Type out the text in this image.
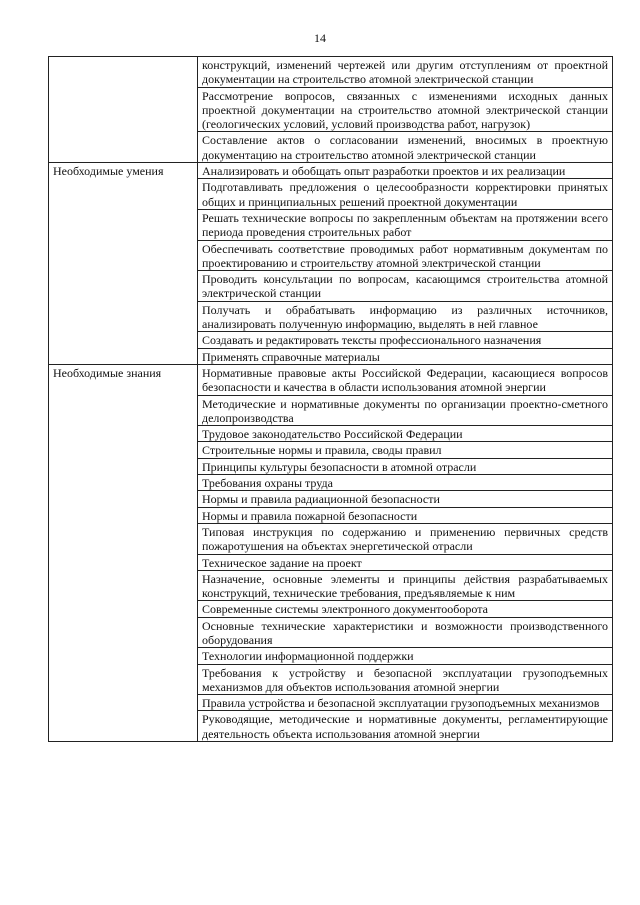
14
	конструкций, изменений чертежей или другим отступлениям от проектной документации на строительство атомной электрической станции
	Рассмотрение вопросов, связанных с изменениями исходных данных проектной документации на строительство атомной электрической станции (геологических условий, условий производства работ, нагрузок)
	Составление актов о согласовании изменений, вносимых в проектную документацию на строительство атомной электрической станции
Необходимые умения	Анализировать и обобщать опыт разработки проектов и их реализации
	Подготавливать предложения о целесообразности корректировки принятых общих и принципиальных решений проектной документации
	Решать технические вопросы по закрепленным объектам на протяжении всего периода проведения строительных работ
	Обеспечивать соответствие проводимых работ нормативным документам по проектированию и строительству атомной электрической станции
	Проводить консультации по вопросам, касающимся строительства атомной электрической станции
	Получать и обрабатывать информацию из различных источников, анализировать полученную информацию, выделять в ней главное
	Создавать и редактировать тексты профессионального назначения
	Применять справочные материалы
Необходимые знания	Нормативные правовые акты Российской Федерации, касающиеся вопросов безопасности и качества в области использования атомной энергии
	Методические и нормативные документы по организации проектно-сметного делопроизводства
	Трудовое законодательство Российской Федерации
	Строительные нормы и правила, своды правил
	Принципы культуры безопасности в атомной отрасли
	Требования охраны труда
	Нормы и правила радиационной безопасности
	Нормы и правила пожарной безопасности
	Типовая инструкция по содержанию и применению первичных средств пожаротушения на объектах энергетической отрасли
	Техническое задание на проект
	Назначение, основные элементы и принципы действия разрабатываемых конструкций, технические требования, предъявляемые к ним
	Современные системы электронного документооборота
	Основные технические характеристики и возможности производственного оборудования
	Технологии информационной поддержки
	Требования к устройству и безопасной эксплуатации грузоподъемных механизмов для объектов использования атомной энергии
	Правила устройства и безопасной эксплуатации грузоподъемных механизмов
	Руководящие, методические и нормативные документы, регламентирующие деятельность объекта использования атомной энергии
